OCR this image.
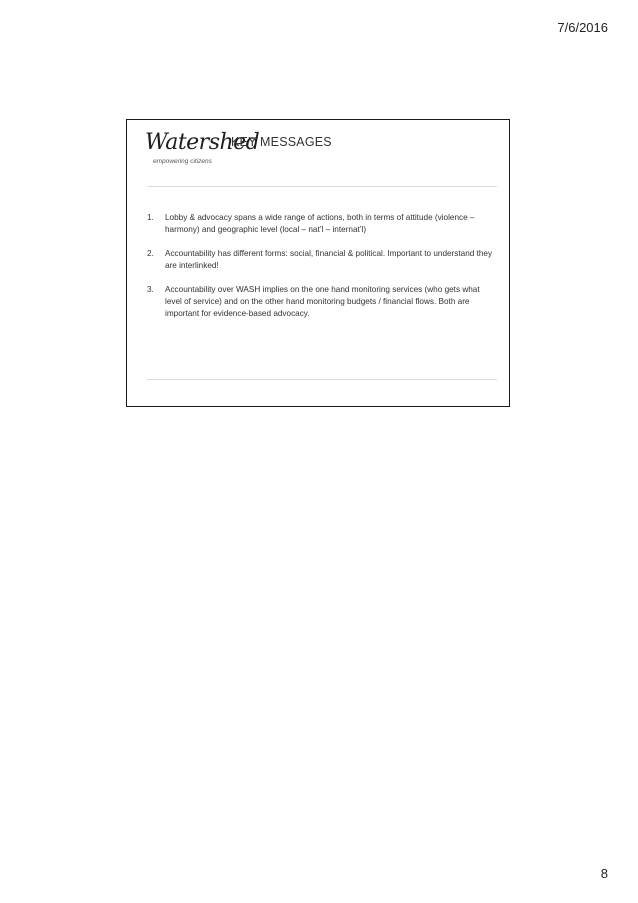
7/6/2016
Watershed
empowering citizens
KEY MESSAGES
1.	Lobby & advocacy spans a wide range of actions, both in terms of attitude (violence – harmony) and geographic level (local – nat’l – internat’l)
2.	Accountability has different forms: social, financial & political. Important to understand they are interlinked!
3.	Accountability over WASH implies on the one hand monitoring services (who gets what level of service) and on the other hand monitoring budgets / financial flows. Both are important for evidence-based advocacy.
8
